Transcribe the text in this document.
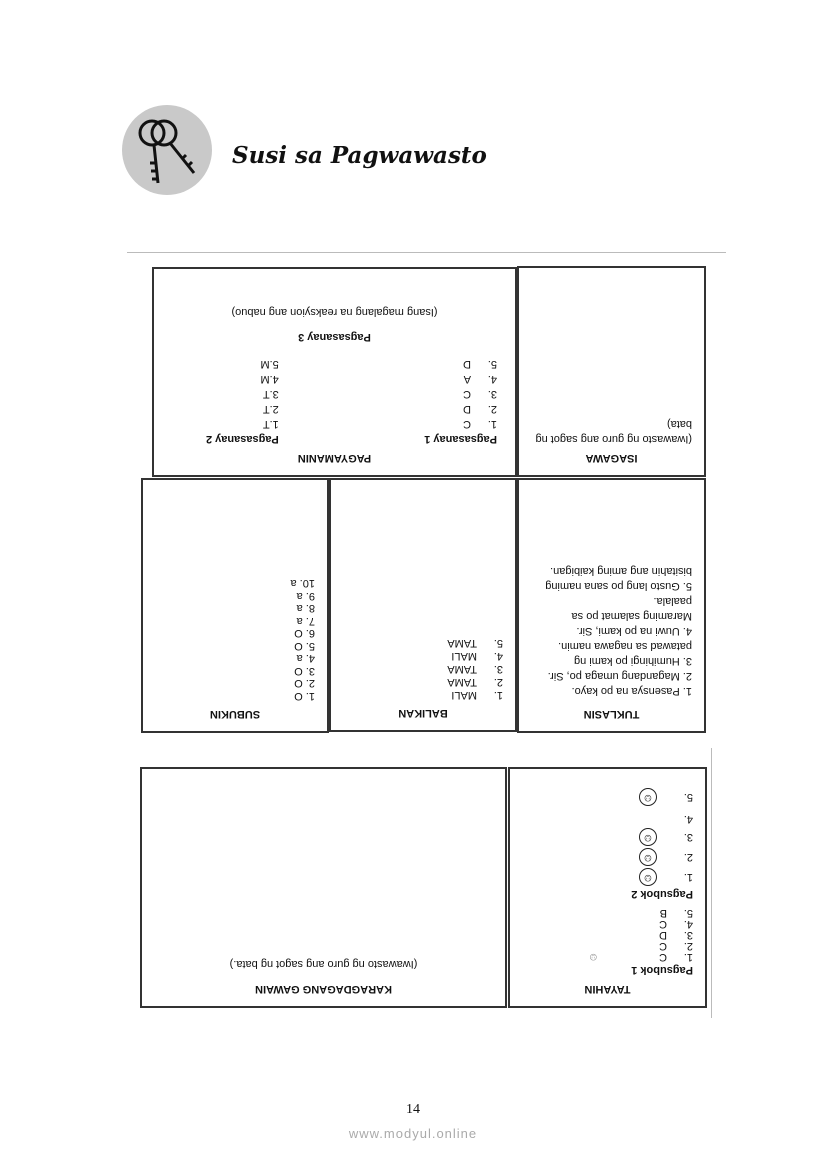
Susi sa Pagwawasto
PAGYAMANIN
Pagsasanay 1
1.C
2.D
3.C
4.A
5.D
Pagsasanay 2
1.T
2.T
3.T
4.M
5.M
Pagsasanay 3
(Isang magalang na reaksyion ang nabuo)
ISAGAWA
(Iwawasto ng guro ang sagot ng bata)
SUBUKIN
1. O
2. O
3. O
4. a
5. O
6. O
7. a
8. a
9. a
10. a
BALIKAN
1.MALI
2.TAMA
3.TAMA
4.MALI
5.TAMA
TUKLASIN
1. Pasensya na po kayo.
2. Magandang umaga po, Sir.
3. Humihingi po kami ng
patawad sa nagawa namin.
4. Uuwi na po kami, Sir.
Maraming salamat po sa
paalala.
5. Gusto lang po sana naming
bisitahin ang aming kaibigan.
KARAGDAGANG GAWAIN
(Iwawasto ng guro ang sagot ng bata.)
TAYAHIN
Pagsubok 1
1.C☺
2.C
3.D
4.C
5.B
Pagsubok 2
1.☺
2.☺
3.☺
4.
5.☺
14
www.modyul.online
